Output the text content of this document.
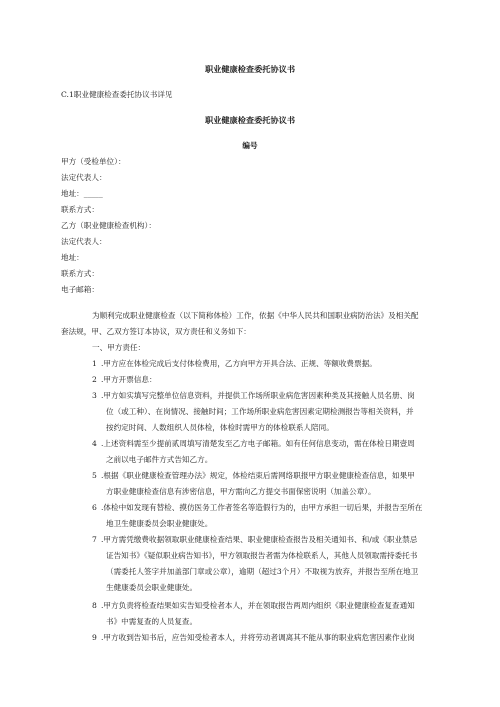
职业健康检查委托协议书
C.1职业健康检查委托协议书详见
职业健康检查委托协议书
编号
甲方（受检单位）：
法定代表人：
地址：_____
联系方式：
乙方（职业健康检查机构）：
法定代表人：
地址：
联系方式：
电子邮箱：
为顺利完成职业健康检查（以下简称体检）工作，依据《中华人民共和国职业病防治法》及相关配
套法规，甲、乙双方签订本协议，双方责任和义务如下：
一、甲方责任：
1 .甲方应在体检完成后支付体检费用，乙方向甲方开具合法、正规、等额收费票据。
2 .甲方开票信息：
3 .甲方如实填写完整单位信息资料，并提供工作场所职业病危害因素种类及其接触人员名册、岗
位（或工种）、在岗情况、接触时间；工作场所职业病危害因素定期检测报告等相关资料，并
按约定时间、人数组织人员体检，体检时需甲方的体检联系人陪同。
4 .上述资料需至少提前贰周填写清楚发至乙方电子邮箱。如有任何信息变动，需在体检日期壹周
之前以电子邮件方式告知乙方。
5 .根据《职业健康检查管理办法》规定，体检结束后需网络职报甲方职业健康检查信息，如果甲
方职业健康检查信息有涉密信息，甲方需向乙方提交书面保密说明（加盖公章）。
6 .体检中如发现有替检、摸仿医务工作者签名等造假行为的，由甲方承担一切后果，并报告至所在
地卫生健康委员会职业健康处。
7 .甲方需凭缴费收据领取职业健康检查结果、职业健康检查报告及相关通知书、和/或《职业禁忌
证告知书》《疑似职业病告知书》，甲方领取报告者需为体检联系人，其他人员领取需持委托书
（需委托人签字并加盖部门章或公章），逾期（超过3个月）不取视为放弃，并报告至所在地卫
生健康委员会职业健康处。
8 .甲方负责将检查结果如实告知受检者本人，并在领取报告两周内组织《职业健康检查复查通知
书》中需复查的人员复查。
9 .甲方收到告知书后，应告知受检者本人，并将劳动者调离其不能从事的职业病危害因素作业岗
